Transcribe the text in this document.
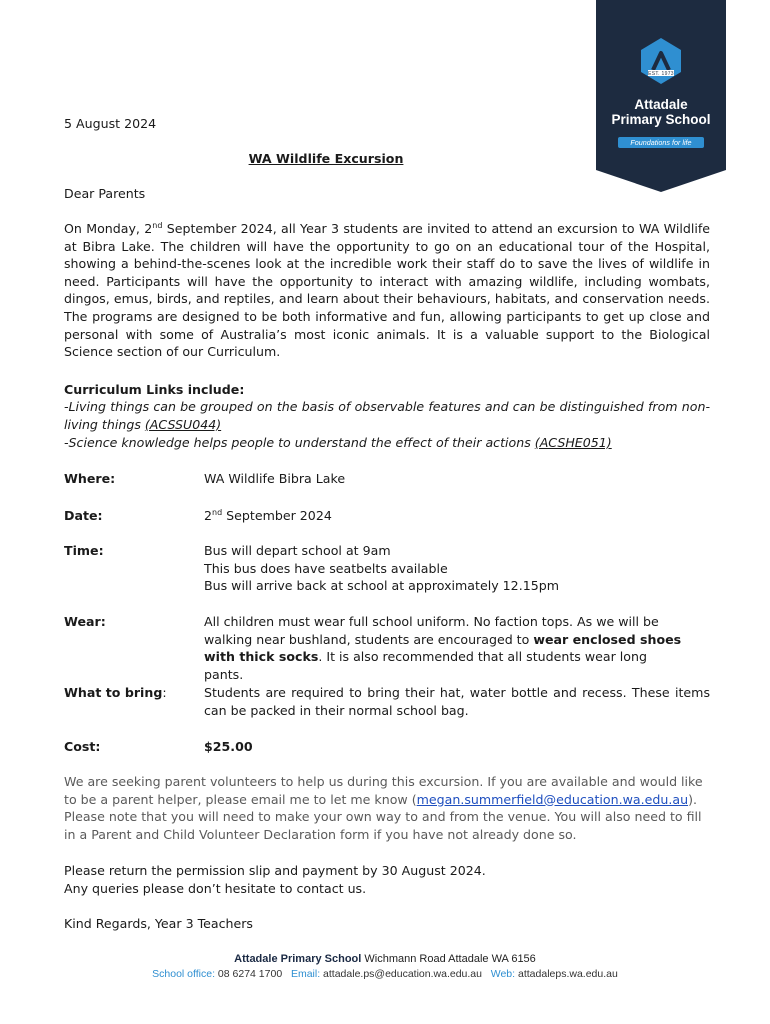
EST. 1973
Attadale
Primary School
Foundations for life
5 August 2024
WA Wildlife Excursion
Dear Parents
On Monday, 2nd September 2024, all Year 3 students are invited to attend an excursion to WA Wildlife at Bibra Lake. The children will have the opportunity to go on an educational tour of the Hospital, showing a behind-the-scenes look at the incredible work their staff do to save the lives of wildlife in need. Participants will have the opportunity to interact with amazing wildlife, including wombats, dingos, emus, birds, and reptiles, and learn about their behaviours, habitats, and conservation needs. The programs are designed to be both informative and fun, allowing participants to get up close and personal with some of Australia’s most iconic animals. It is a valuable support to the Biological Science section of our Curriculum.
Curriculum Links include:
-Living things can be grouped on the basis of observable features and can be distinguished from non-living things (ACSSU044)
-Science knowledge helps people to understand the effect of their actions (ACSHE051)
Where:	WA Wildlife Bibra Lake
Date:	2nd September 2024
Time:	Bus will depart school at 9am
This bus does have seatbelts available
Bus will arrive back at school at approximately 12.15pm
Wear:	All children must wear full school uniform. No faction tops. As we will be walking near bushland, students are encouraged to wear enclosed shoes with thick socks. It is also recommended that all students wear long pants.
What to bring:	Students are required to bring their hat, water bottle and recess. These items can be packed in their normal school bag.
Cost:	$25.00
We are seeking parent volunteers to help us during this excursion. If you are available and would like to be a parent helper, please email me to let me know (megan.summerfield@education.wa.edu.au). Please note that you will need to make your own way to and from the venue. You will also need to fill in a Parent and Child Volunteer Declaration form if you have not already done so.
Please return the permission slip and payment by 30 August 2024.
Any queries please don’t hesitate to contact us.
Kind Regards, Year 3 Teachers
Attadale Primary School Wichmann Road Attadale WA 6156
School office: 08 6274 1700 Email: attadale.ps@education.wa.edu.au Web: attadaleps.wa.edu.au
